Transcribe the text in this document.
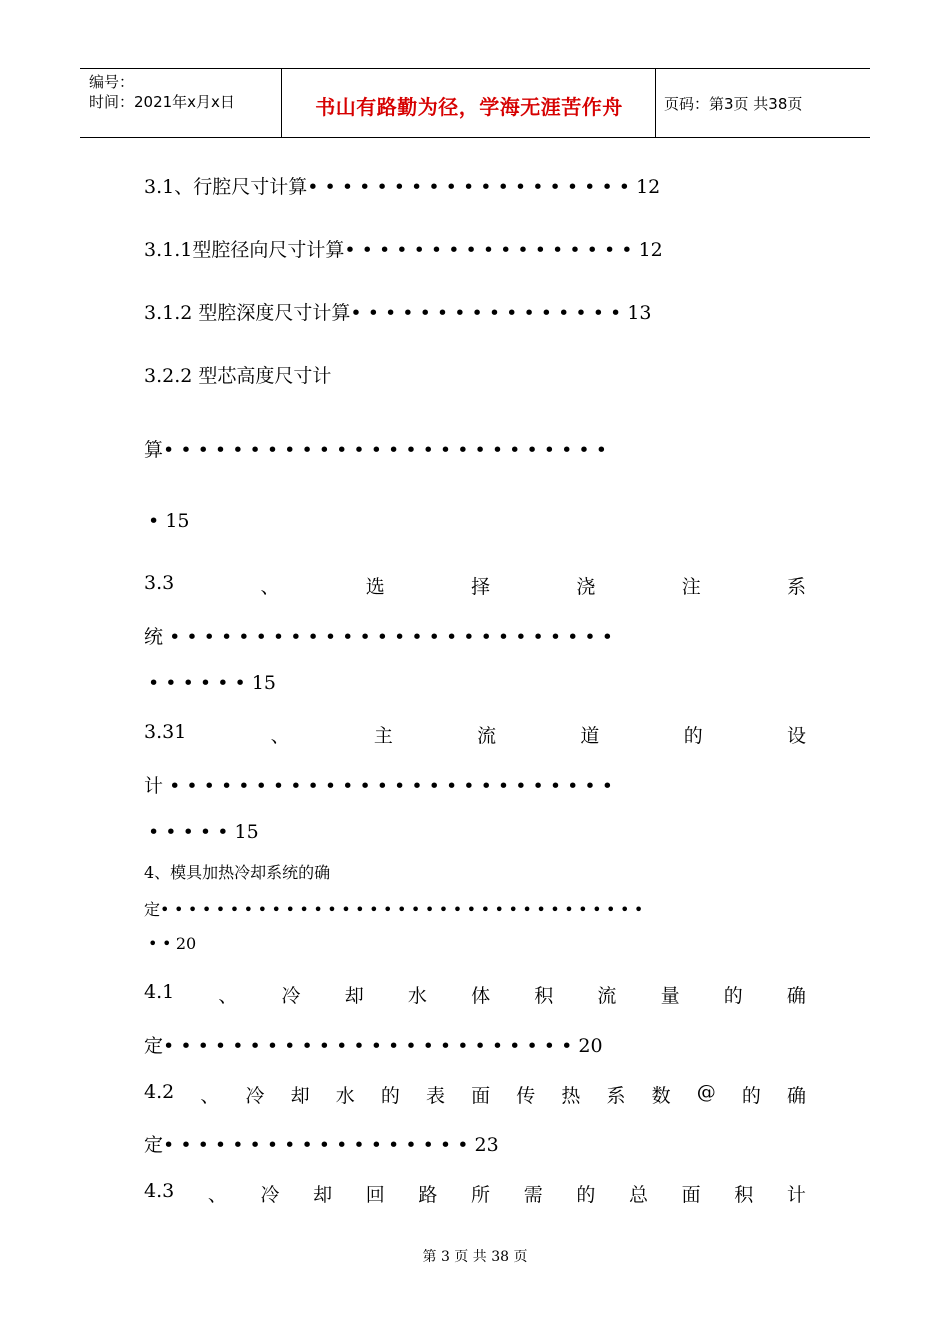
编号：
时间：2021年x月x日	书山有路勤为径，学海无涯苦作舟	页码：第3页 共38页
3.1、行腔尺寸计算•••••••••••••••••••12
3.1.1型腔径向尺寸计算•••••••••••••••••12
3.1.2 型腔深度尺寸计算••••••••••••••••13
3.2.2 型芯高度尺寸计
算••••••••••••••••••••••••••
•15
3.3	、	选	择	浇	注	系
统 ••••••••••••••••••••••••••
••••••15
3.31	、	主	流	道	的	设
计 ••••••••••••••••••••••••••
•••••15
4、模具加热冷却系统的确
定•••••••••••••••••••••••••••••••••••
••20
4.1 、 冷 却 水 体 积 流 量 的 确
定••••••••••••••••••••••••20
4.2 、 冷 却 水 的 表 面 传 热 系 数 @ 的 确
定••••••••••••••••••23
4.3 、 冷 却 回 路 所 需 的 总 面 积 计
第 3 页 共 38 页
